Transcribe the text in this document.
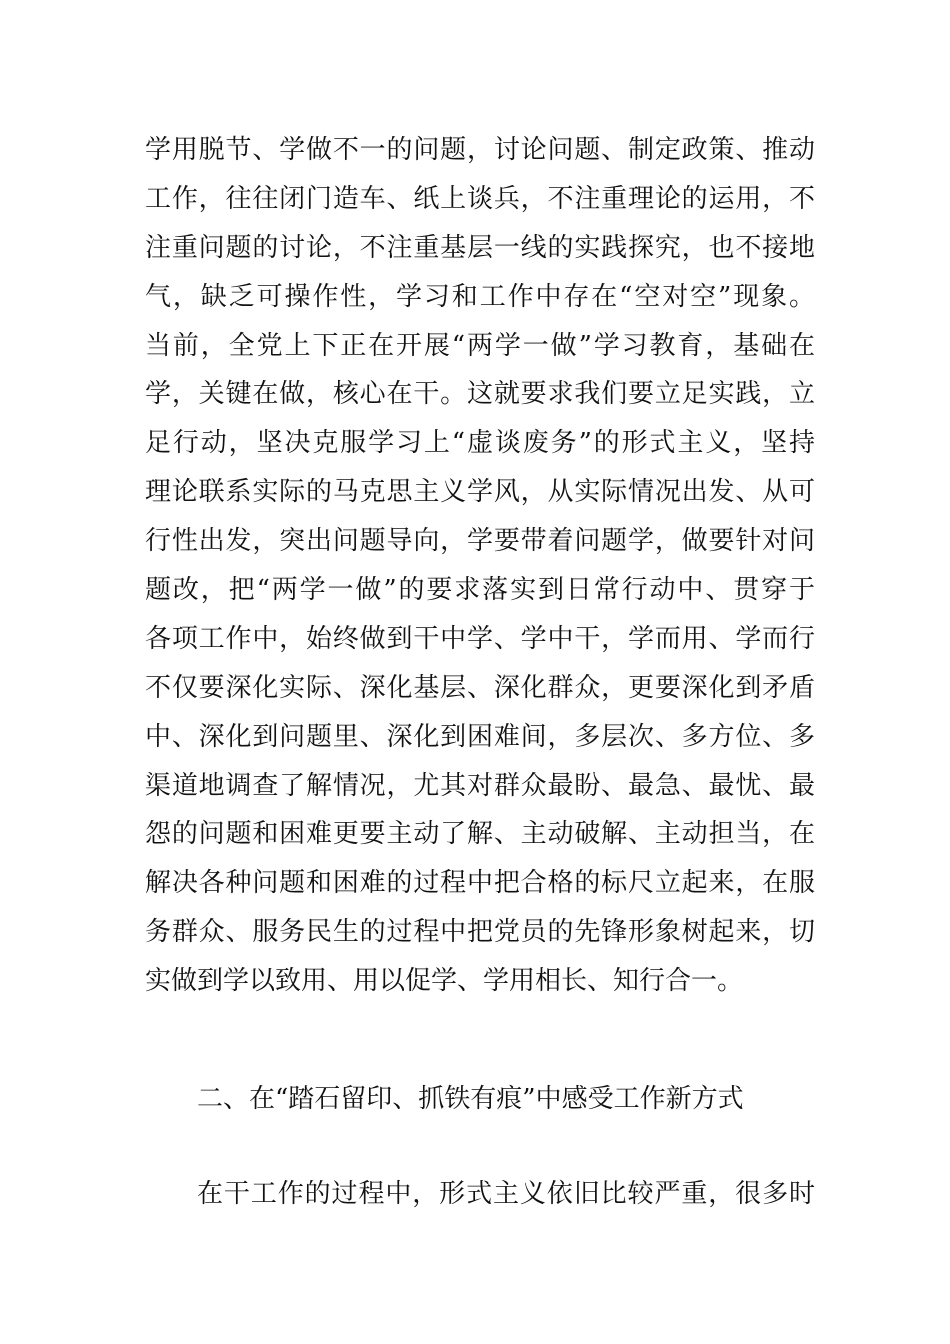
学用脱节、学做不一的问题，讨论问题、制定政策、推动
工作，往往闭门造车、纸上谈兵，不注重理论的运用，不
注重问题的讨论，不注重基层一线的实践探究，也不接地
气，缺乏可操作性，学习和工作中存在“空对空”现象。
当前，全党上下正在开展“两学一做”学习教育，基础在
学，关键在做，核心在干。这就要求我们要立足实践，立
足行动，坚决克服学习上“虚谈废务”的形式主义，坚持
理论联系实际的马克思主义学风，从实际情况出发、从可
行性出发，突出问题导向，学要带着问题学，做要针对问
题改，把“两学一做”的要求落实到日常行动中、贯穿于
各项工作中，始终做到干中学、学中干，学而用、学而行
不仅要深化实际、深化基层、深化群众，更要深化到矛盾
中、深化到问题里、深化到困难间，多层次、多方位、多
渠道地调查了解情况，尤其对群众最盼、最急、最忧、最
怨的问题和困难更要主动了解、主动破解、主动担当，在
解决各种问题和困难的过程中把合格的标尺立起来，在服
务群众、服务民生的过程中把党员的先锋形象树起来，切
实做到学以致用、用以促学、学用相长、知行合一。
二、在“踏石留印、抓铁有痕”中感受工作新方式
在干工作的过程中，形式主义依旧比较严重，很多时
